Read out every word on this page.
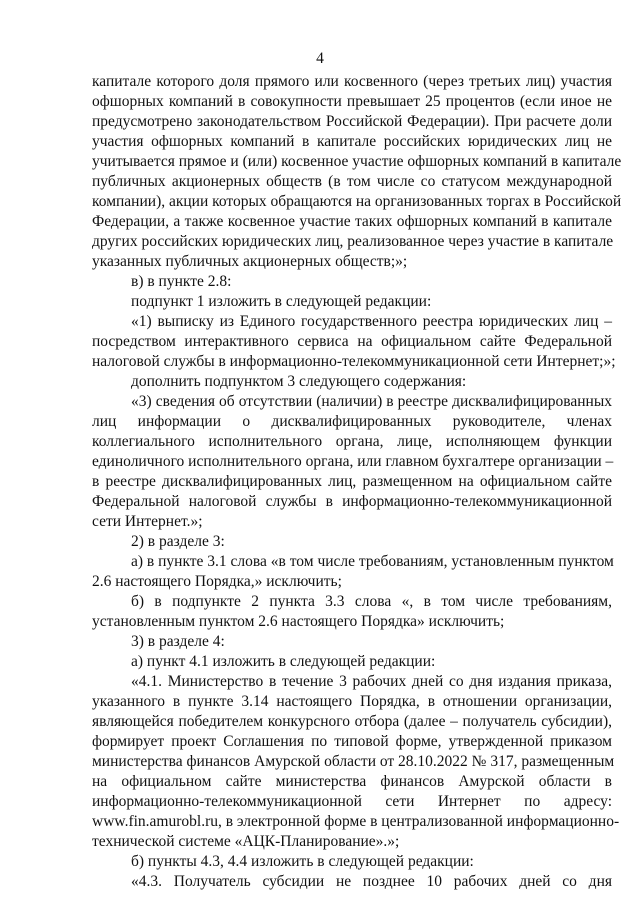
4
капитале которого доля прямого или косвенного (через третьих лиц) участия
офшорных компаний в совокупности превышает 25 процентов (если иное не
предусмотрено законодательством Российской Федерации). При расчете доли
участия офшорных компаний в капитале российских юридических лиц не
учитывается прямое и (или) косвенное участие офшорных компаний в капитале
публичных акционерных обществ (в том числе со статусом международной
компании), акции которых обращаются на организованных торгах в Российской
Федерации, а также косвенное участие таких офшорных компаний в капитале
других российских юридических лиц, реализованное через участие в капитале
указанных публичных акционерных обществ;»;
в) в пункте 2.8:
подпункт 1 изложить в следующей редакции:
«1) выписку из Единого государственного реестра юридических лиц –
посредством интерактивного сервиса на официальном сайте Федеральной
налоговой службы в информационно-телекоммуникационной сети Интернет;»;
дополнить подпунктом 3 следующего содержания:
«3) сведения об отсутствии (наличии) в реестре дисквалифицированных
лиц информации о дисквалифицированных руководителе, членах
коллегиального исполнительного органа, лице, исполняющем функции
единоличного исполнительного органа, или главном бухгалтере организации –
в реестре дисквалифицированных лиц, размещенном на официальном сайте
Федеральной налоговой службы в информационно-телекоммуникационной
сети Интернет.»;
2) в разделе 3:
а) в пункте 3.1 слова «в том числе требованиям, установленным пунктом
2.6 настоящего Порядка,» исключить;
б) в подпункте 2 пункта 3.3 слова «, в том числе требованиям,
установленным пунктом 2.6 настоящего Порядка» исключить;
3) в разделе 4:
а) пункт 4.1 изложить в следующей редакции:
«4.1. Министерство в течение 3 рабочих дней со дня издания приказа,
указанного в пункте 3.14 настоящего Порядка, в отношении организации,
являющейся победителем конкурсного отбора (далее – получатель субсидии),
формирует проект Соглашения по типовой форме, утвержденной приказом
министерства финансов Амурской области от 28.10.2022 № 317, размещенным
на официальном сайте министерства финансов Амурской области в
информационно-телекоммуникационной сети Интернет по адресу:
www.fin.amurobl.ru, в электронной форме в централизованной информационно-
технической системе «АЦК-Планирование».»;
б) пункты 4.3, 4.4 изложить в следующей редакции:
«4.3. Получатель субсидии не позднее 10 рабочих дней со дня
